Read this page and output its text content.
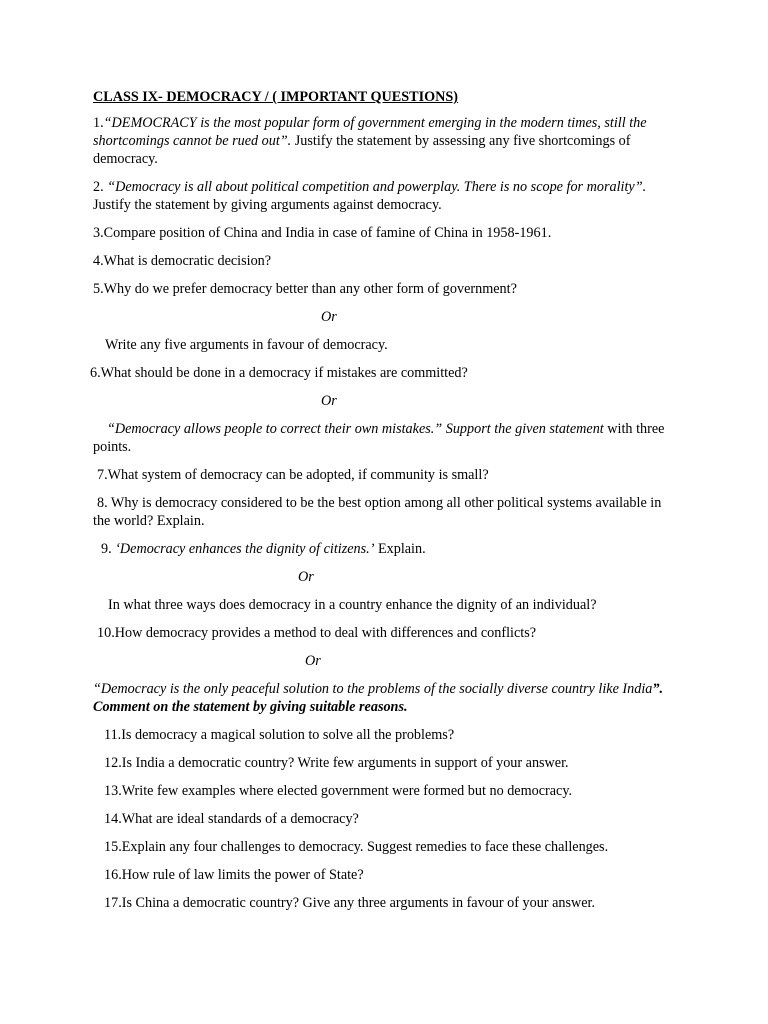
CLASS IX- DEMOCRACY / ( IMPORTANT QUESTIONS)

1.“DEMOCRACY is the most popular form of government emerging in the modern times, still the shortcomings cannot be rued out”. Justify the statement by assessing any five shortcomings of democracy.

2. “Democracy is all about political competition and powerplay. There is no scope for morality”. Justify the statement by giving arguments against democracy.

3.Compare position of China and India in case of famine of China in 1958-1961.

4.What is democratic decision?

5.Why do we prefer democracy better than any other form of government?

Or

Write any five arguments in favour of democracy.

6.What should be done in a democracy if mistakes are committed?

Or

“Democracy allows people to correct their own mistakes.” Support the given statement with three points.

7.What system of democracy can be adopted, if community is small?

8. Why is democracy considered to be the best option among all other political systems available in the world? Explain.

9. ‘Democracy enhances the dignity of citizens.’ Explain.

Or

In what three ways does democracy in a country enhance the dignity of an individual?

10.How democracy provides a method to deal with differences and conflicts?

Or

“Democracy is the only peaceful solution to the problems of the socially diverse country like India”. Comment on the statement by giving suitable reasons.

11.Is democracy a magical solution to solve all the problems?

12.Is India a democratic country? Write few arguments in support of your answer.

13.Write few examples where elected government were formed but no democracy.

14.What are ideal standards of a democracy?

15.Explain any four challenges to democracy. Suggest remedies to face these challenges.

16.How rule of law limits the power of State?

17.Is China a democratic country? Give any three arguments in favour of your answer.
